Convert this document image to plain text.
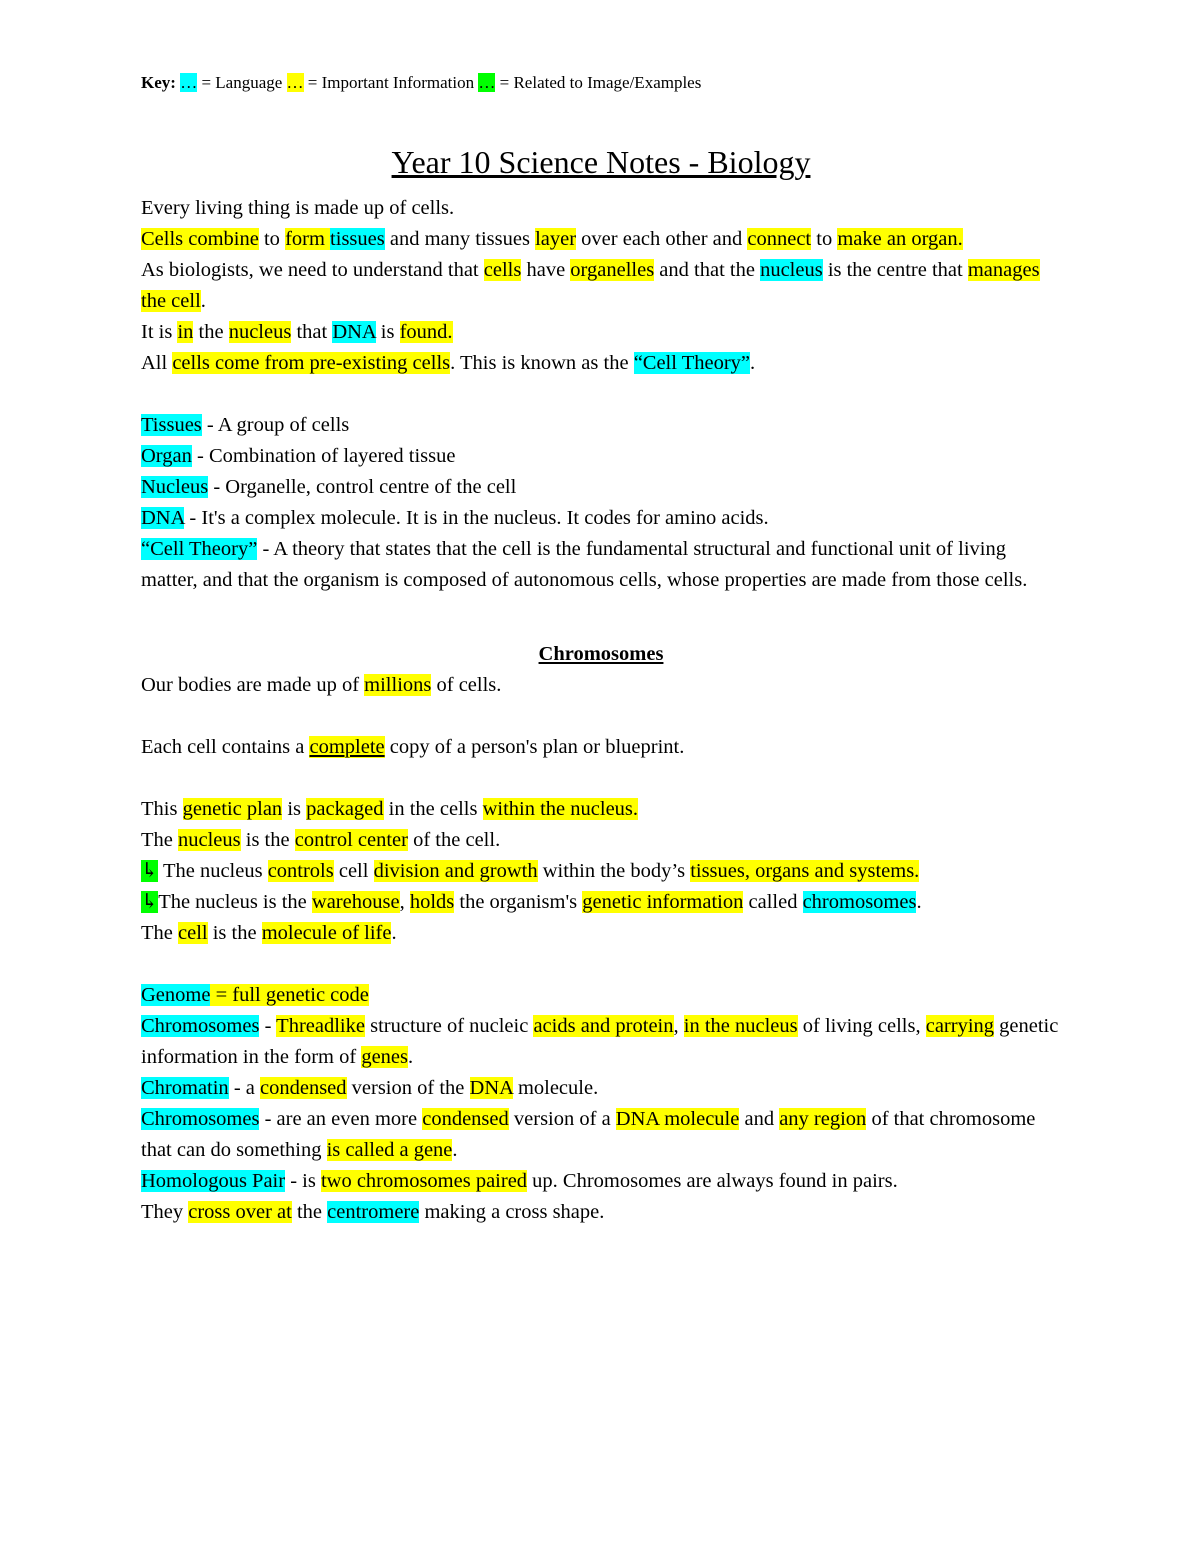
Key: … = Language … = Important Information … = Related to Image/Examples
Year 10 Science Notes - Biology

Every living thing is made up of cells.

Cells combine to form tissues and many tissues layer over each other and connect to make an organ.

As biologists, we need to understand that cells have organelles and that the nucleus is the centre that manages the cell.

It is in the nucleus that DNA is found.

All cells come from pre-existing cells. This is known as the “Cell Theory”.

Tissues - A group of cells

Organ - Combination of layered tissue

Nucleus - Organelle, control centre of the cell

DNA - It's a complex molecule. It is in the nucleus. It codes for amino acids.

“Cell Theory” - A theory that states that the cell is the fundamental structural and functional unit of living matter, and that the organism is composed of autonomous cells, whose properties are made from those cells.

Chromosomes

Our bodies are made up of millions of cells.

Each cell contains a complete copy of a person's plan or blueprint.

This genetic plan is packaged in the cells within the nucleus.

The nucleus is the control center of the cell.

↳ The nucleus controls cell division and growth within the body’s tissues, organs and systems.

↳The nucleus is the warehouse, holds the organism's genetic information called chromosomes.

The cell is the molecule of life.

Genome = full genetic code

Chromosomes - Threadlike structure of nucleic acids and protein, in the nucleus of living cells, carrying genetic information in the form of genes.

Chromatin - a condensed version of the DNA molecule.

Chromosomes - are an even more condensed version of a DNA molecule and any region of that chromosome that can do something is called a gene.

Homologous Pair - is two chromosomes paired up. Chromosomes are always found in pairs.

They cross over at the centromere making a cross shape.
